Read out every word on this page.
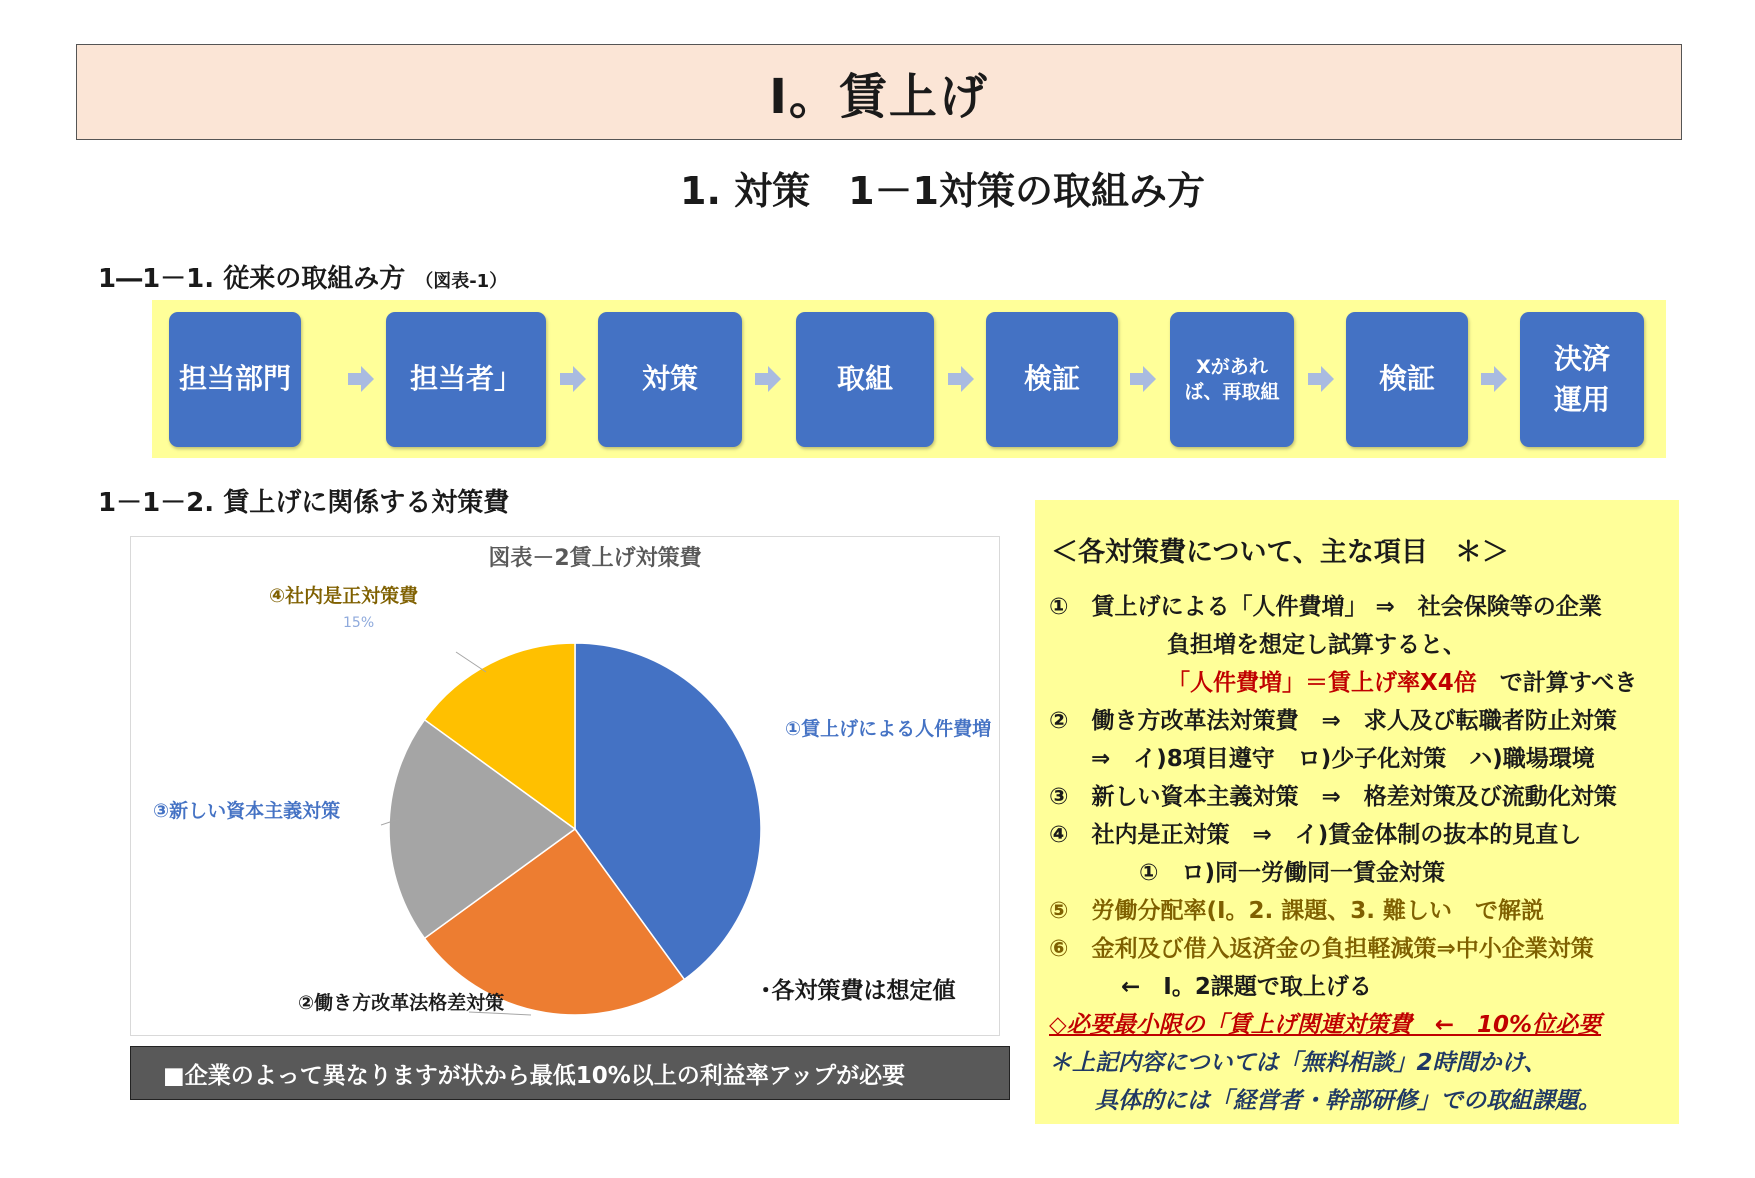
Ⅰ。賃上げ
1. 対策　1－1対策の取組み方
1―1－1. 従来の取組み方 （図表-1）
担当部門	担当者」	対策	取組	検証	Xがあれ
ば、再取組	検証
決済
運用
1－1－2. 賃上げに関係する対策費
図表－2賃上げ対策費
①賃上げによる人件費増
②働き方改革法格差対策
③新しい資本主義対策
④社内是正対策費
15%
･各対策費は想定値
■企業のよって異なりますが状から最低10%以上の利益率アップが必要
＜各対策費について、主な項目　＊＞
①　賃上げによる「人件費増」 ⇒　社会保険等の企業
負担増を想定し試算すると、
「人件費増」＝賃上げ率X4倍　で計算すべき
②　働き方改革法対策費　⇒　求人及び転職者防止対策
⇒　イ)8項目遵守　ロ)少子化対策　ハ)職場環境
③　新しい資本主義対策　⇒　格差対策及び流動化対策
④　社内是正対策　⇒　イ)賃金体制の抜本的見直し
①　ロ)同一労働同一賃金対策
⑤　労働分配率(Ⅰ。2. 課題、3. 難しい　で解説
⑥　金利及び借入返済金の負担軽減策⇒中小企業対策
←　Ⅰ。2課題で取上げる
◇必要最小限の「賃上げ関連対策費　←　10%位必要
＊上記内容については「無料相談」2時間かけ、
具体的には「経営者・幹部研修」での取組課題。
